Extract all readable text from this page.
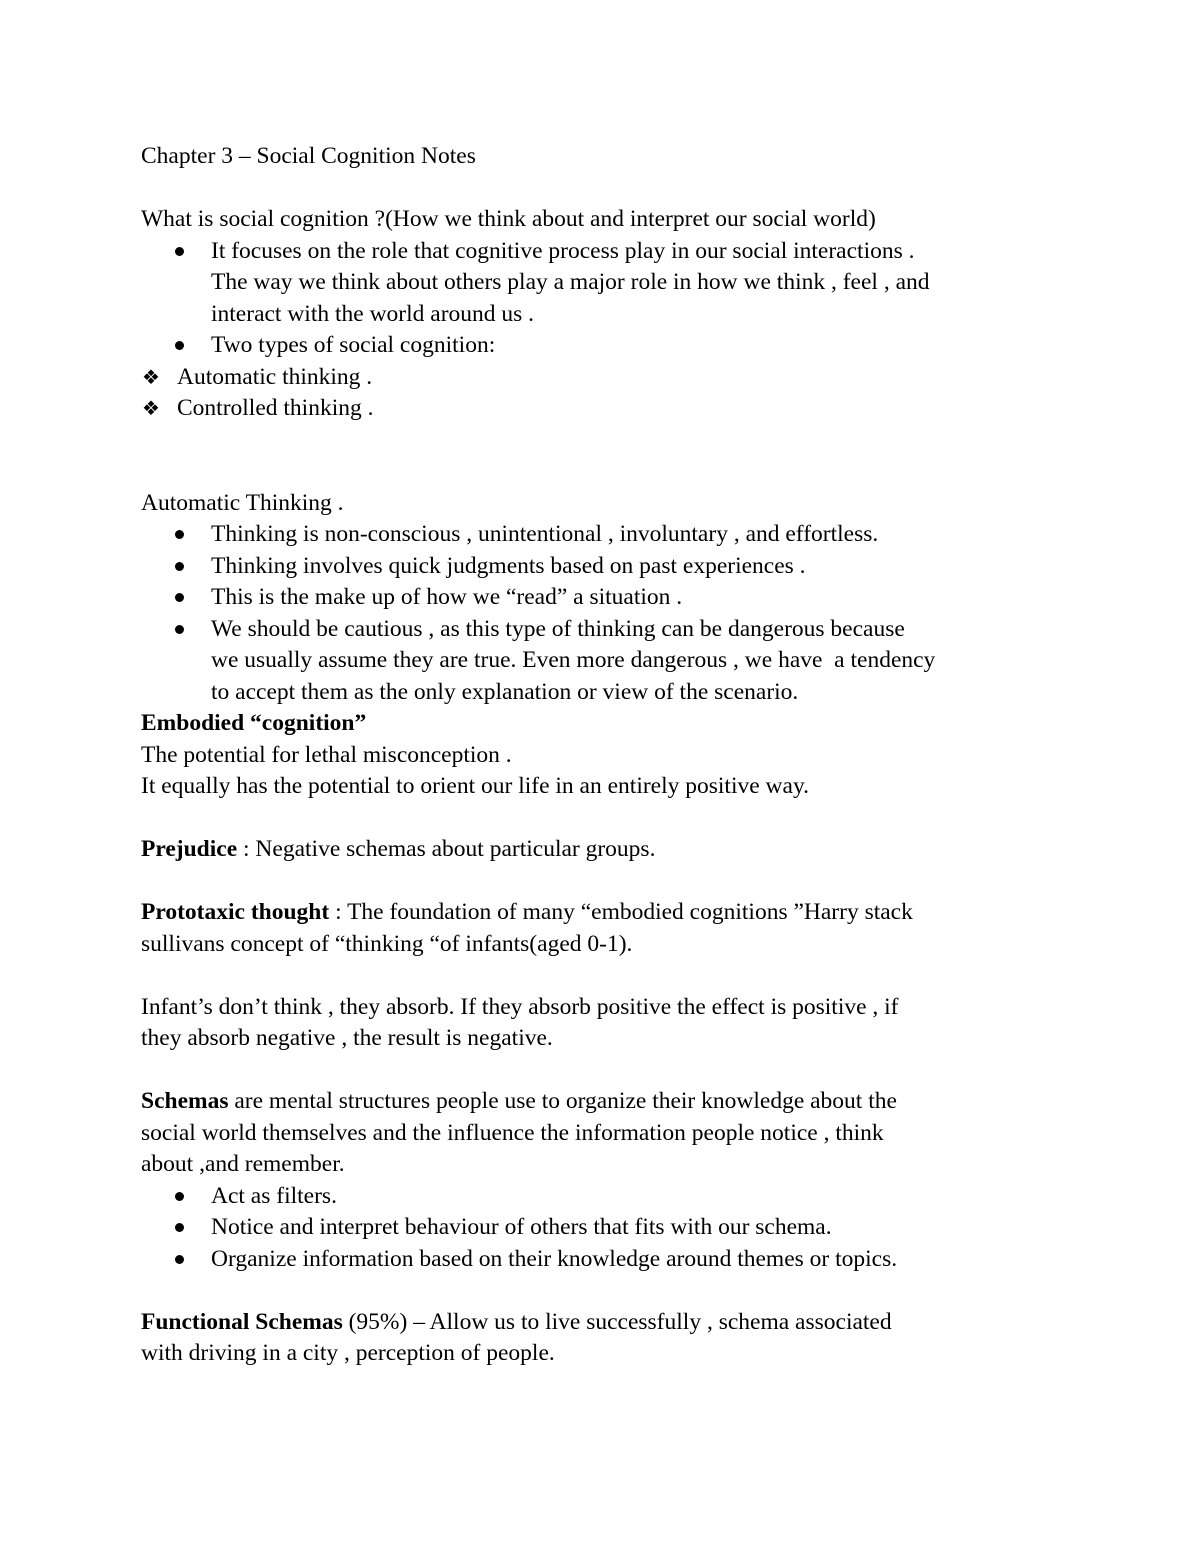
Chapter 3 – Social Cognition Notes

What is social cognition ?(How we think about and interpret our social world)

It focuses on the role that cognitive process play in our social interactions .
The way we think about others play a major role in how we think , feel , and
interact with the world around us .
Two types of social cognition:
❖ Automatic thinking .
❖ Controlled thinking .

Automatic Thinking .

Thinking is non-conscious , unintentional , involuntary , and effortless.
Thinking involves quick judgments based on past experiences .
This is the make up of how we “read” a situation .
We should be cautious , as this type of thinking can be dangerous because
we usually assume they are true. Even more dangerous , we have  a tendency
to accept them as the only explanation or view of the scenario.

Embodied “cognition”

The potential for lethal misconception .

It equally has the potential to orient our life in an entirely positive way.

Prejudice : Negative schemas about particular groups.

Prototaxic thought : The foundation of many “embodied cognitions ”Harry stack

sullivans concept of “thinking “of infants(aged 0-1).

Infant’s don’t think , they absorb. If they absorb positive the effect is positive , if

they absorb negative , the result is negative.

Schemas are mental structures people use to organize their knowledge about the

social world themselves and the influence the information people notice , think

about ,and remember.

Act as filters.
Notice and interpret behaviour of others that fits with our schema.
Organize information based on their knowledge around themes or topics.

Functional Schemas (95%) – Allow us to live successfully , schema associated

with driving in a city , perception of people.
